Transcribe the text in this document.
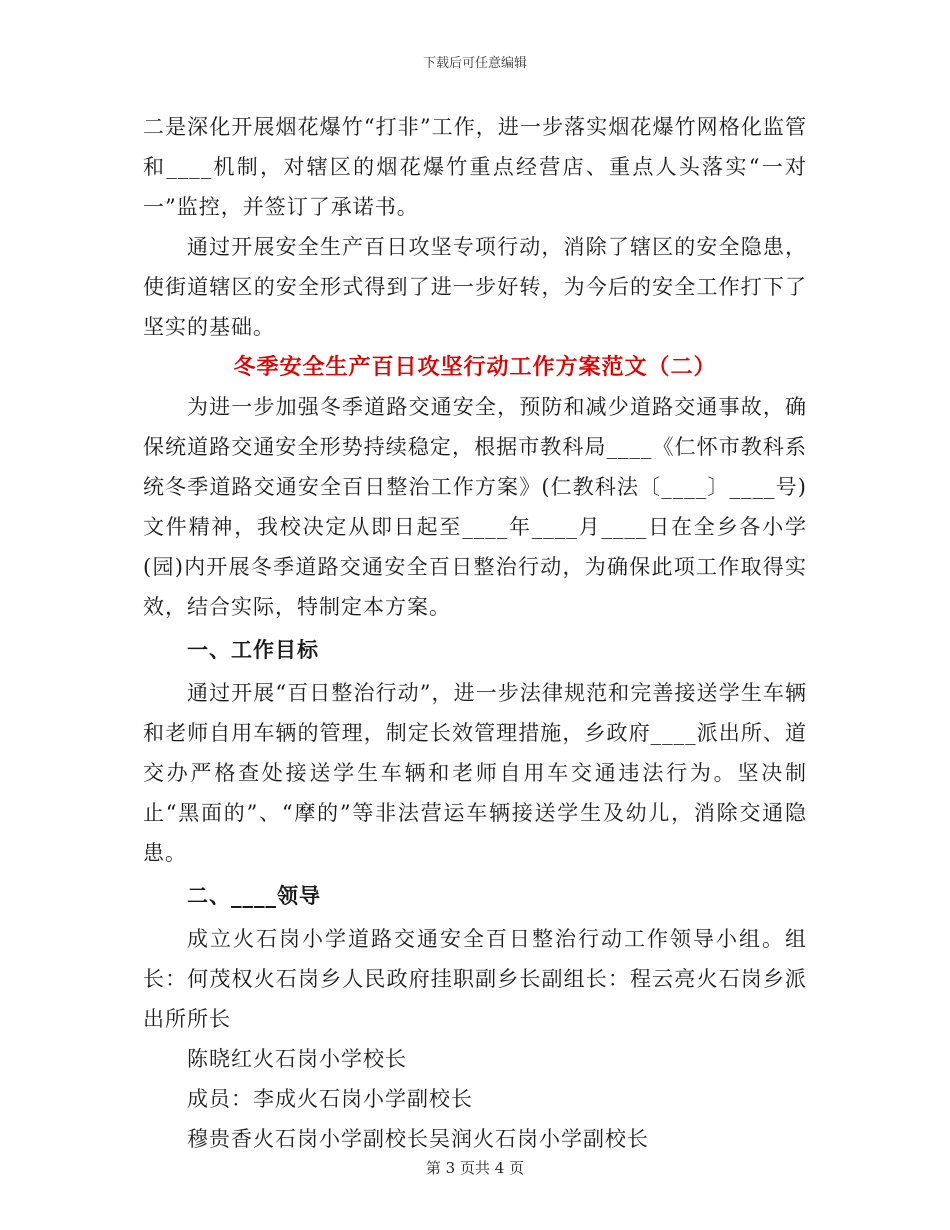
下载后可任意编辑

二是深化开展烟花爆竹“打非”工作，进一步落实烟花爆竹网格化监管和____机制，对辖区的烟花爆竹重点经营店、重点人头落实“一对一”监控，并签订了承诺书。

通过开展安全生产百日攻坚专项行动，消除了辖区的安全隐患，使街道辖区的安全形式得到了进一步好转，为今后的安全工作打下了坚实的基础。

冬季安全生产百日攻坚行动工作方案范文（二）

为进一步加强冬季道路交通安全，预防和减少道路交通事故，确保统道路交通安全形势持续稳定，根据市教科局____《仁怀市教科系统冬季道路交通安全百日整治工作方案》(仁教科法〔____〕____号)文件精神，我校决定从即日起至____年____月____日在全乡各小学(园)内开展冬季道路交通安全百日整治行动，为确保此项工作取得实效，结合实际，特制定本方案。

一、工作目标

通过开展“百日整治行动”，进一步法律规范和完善接送学生车辆和老师自用车辆的管理，制定长效管理措施，乡政府____派出所、道交办严格查处接送学生车辆和老师自用车交通违法行为。坚决制止“黑面的”、“摩的”等非法营运车辆接送学生及幼儿，消除交通隐患。

二、____领导

成立火石岗小学道路交通安全百日整治行动工作领导小组。组长：何茂权火石岗乡人民政府挂职副乡长副组长：程云亮火石岗乡派出所所长

陈晓红火石岗小学校长

成员：李成火石岗小学副校长

穆贵香火石岗小学副校长吴润火石岗小学副校长

第 3 页共 4 页
